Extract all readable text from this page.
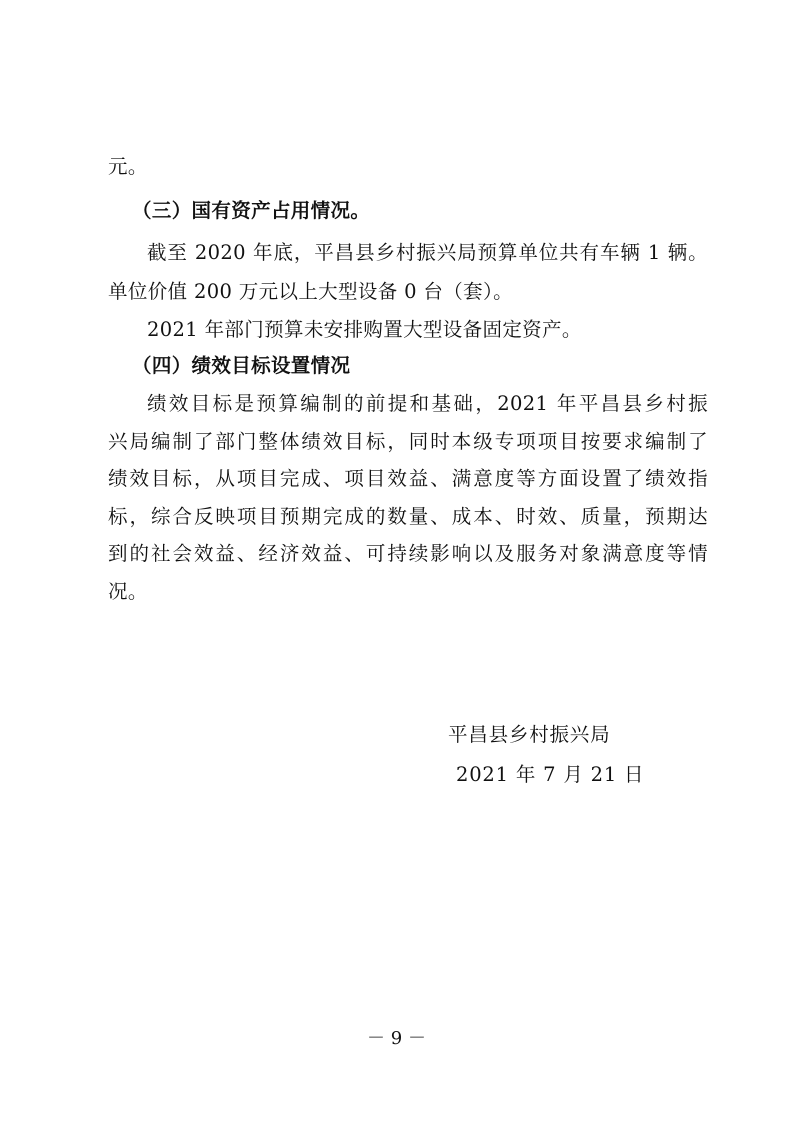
元。
（三）国有资产占用情况。
截至 2020 年底，平昌县乡村振兴局预算单位共有车辆 1 辆。
单位价值 200 万元以上大型设备 0 台（套）。
2021 年部门预算未安排购置大型设备固定资产。
（四）绩效目标设置情况
绩效目标是预算编制的前提和基础，2021 年平昌县乡村振
兴局编制了部门整体绩效目标，同时本级专项项目按要求编制了
绩效目标，从项目完成、项目效益、满意度等方面设置了绩效指
标，综合反映项目预期完成的数量、成本、时效、质量，预期达
到的社会效益、经济效益、可持续影响以及服务对象满意度等情
况。
平昌县乡村振兴局
2021 年 7 月 21 日
－ 9 －
